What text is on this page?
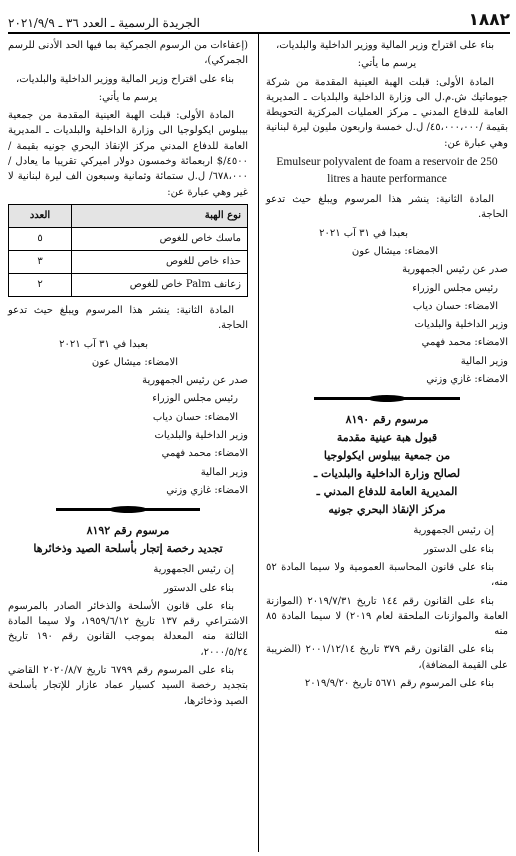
١٨٨٢
الجريدة الرسمية ـ العدد ٣٦ ـ ٢٠٢١/٩/٩

بناء على اقتراح وزير المالية ووزير الداخلية والبلديات،

يرسم ما يأتي:

المادة الأولى: قبلت الهبة العينية المقدمة من شركة جيوماتيك ش.م.ل الى وزارة الداخلية والبلديات ـ المديرية العامة للدفاع المدني ـ مركز العمليات المركزية التحويطة بقيمة /٤٥،٠٠٠،٠٠٠/ ل.ل خمسة واربعون مليون ليرة لبنانية وهي عبارة عن:

Emulseur polyvalent de foam a reservoir de 250 litres a haute performance

المادة الثانية: ينشر هذا المرسوم ويبلغ حيث تدعو الحاجة.

بعبدا في ٣١ آب ٢٠٢١

الامضاء: ميشال عون

صدر عن رئيس الجمهورية

رئيس مجلس الوزراء

الامضاء: حسان دياب

وزير الداخلية والبلديات

الامضاء: محمد فهمي

وزير المالية

الامضاء: غازي وزني

مرسوم رقم ٨١٩٠
قبول هبة عينية مقدمة
من جمعية بيبلوس ايكولوجيا
لصالح وزارة الداخلية والبلديات ـ
المديرية العامة للدفاع المدني ـ
مركز الإنقاذ البحري جونيه

إن رئيس الجمهورية

بناء على الدستور

بناء على قانون المحاسبة العمومية ولا سيما المادة ٥٢ منه،

بناء على القانون رقم ١٤٤ تاريخ ٢٠١٩/٧/٣١ (الموازنة العامة والموازنات الملحقة لعام ٢٠١٩) لا سيما المادة ٨٥ منه

بناء على القانون رقم ٣٧٩ تاريخ ٢٠٠١/١٢/١٤ (الضريبة على القيمة المضافة)،

بناء على المرسوم رقم ٥٦٧١ تاريخ ٢٠١٩/٩/٢٠

(إعفاءات من الرسوم الجمركية بما فيها الحد الأدنى للرسم الجمركي)،

بناء على اقتراح وزير المالية ووزير الداخلية والبلديات،

يرسم ما يأتي:

المادة الأولى: قبلت الهبة العينية المقدمة من جمعية بيبلوس ايكولوجيا الى وزارة الداخلية والبلديات ـ المديرية العامة للدفاع المدني مركز الإنقاذ البحري جونيه بقيمة /٤٥٠٠/$ اربعمائة وخمسون دولار اميركي تقريبا ما يعادل /٦٧٨،٠٠٠/ ل.ل ستمائة وثمانية وسبعون الف ليرة لبنانية لا غير وهي عبارة عن:

نوع الهبة	العدد
ماسك خاص للغوص	٥
حذاء خاص للغوص	٣
زعانف Palm خاص للغوص	٢

المادة الثانية: ينشر هذا المرسوم ويبلغ حيث تدعو الحاجة.

بعبدا في ٣١ آب ٢٠٢١

الامضاء: ميشال عون

صدر عن رئيس الجمهورية

رئيس مجلس الوزراء

الامضاء: حسان دياب

وزير الداخلية والبلديات

الامضاء: محمد فهمي

وزير المالية

الامضاء: غازي وزني

مرسوم رقم ٨١٩٢
تجديد رخصة إتجار بأسلحة الصيد وذخائرها

إن رئيس الجمهورية

بناء على الدستور

بناء على قانون الأسلحة والذخائر الصادر بالمرسوم الاشتراعي رقم ١٣٧ تاريخ ١٩٥٩/٦/١٢، ولا سيما المادة الثالثة منه المعدلة بموجب القانون رقم ١٩٠ تاريخ ٢٠٠٠/٥/٢٤،

بناء على المرسوم رقم ٦٧٩٩ تاريخ ٢٠٢٠/٨/٧ القاضي بتجديد رخصة السيد كسيار عماد عازار للإتجار بأسلحة الصيد وذخائرها،
